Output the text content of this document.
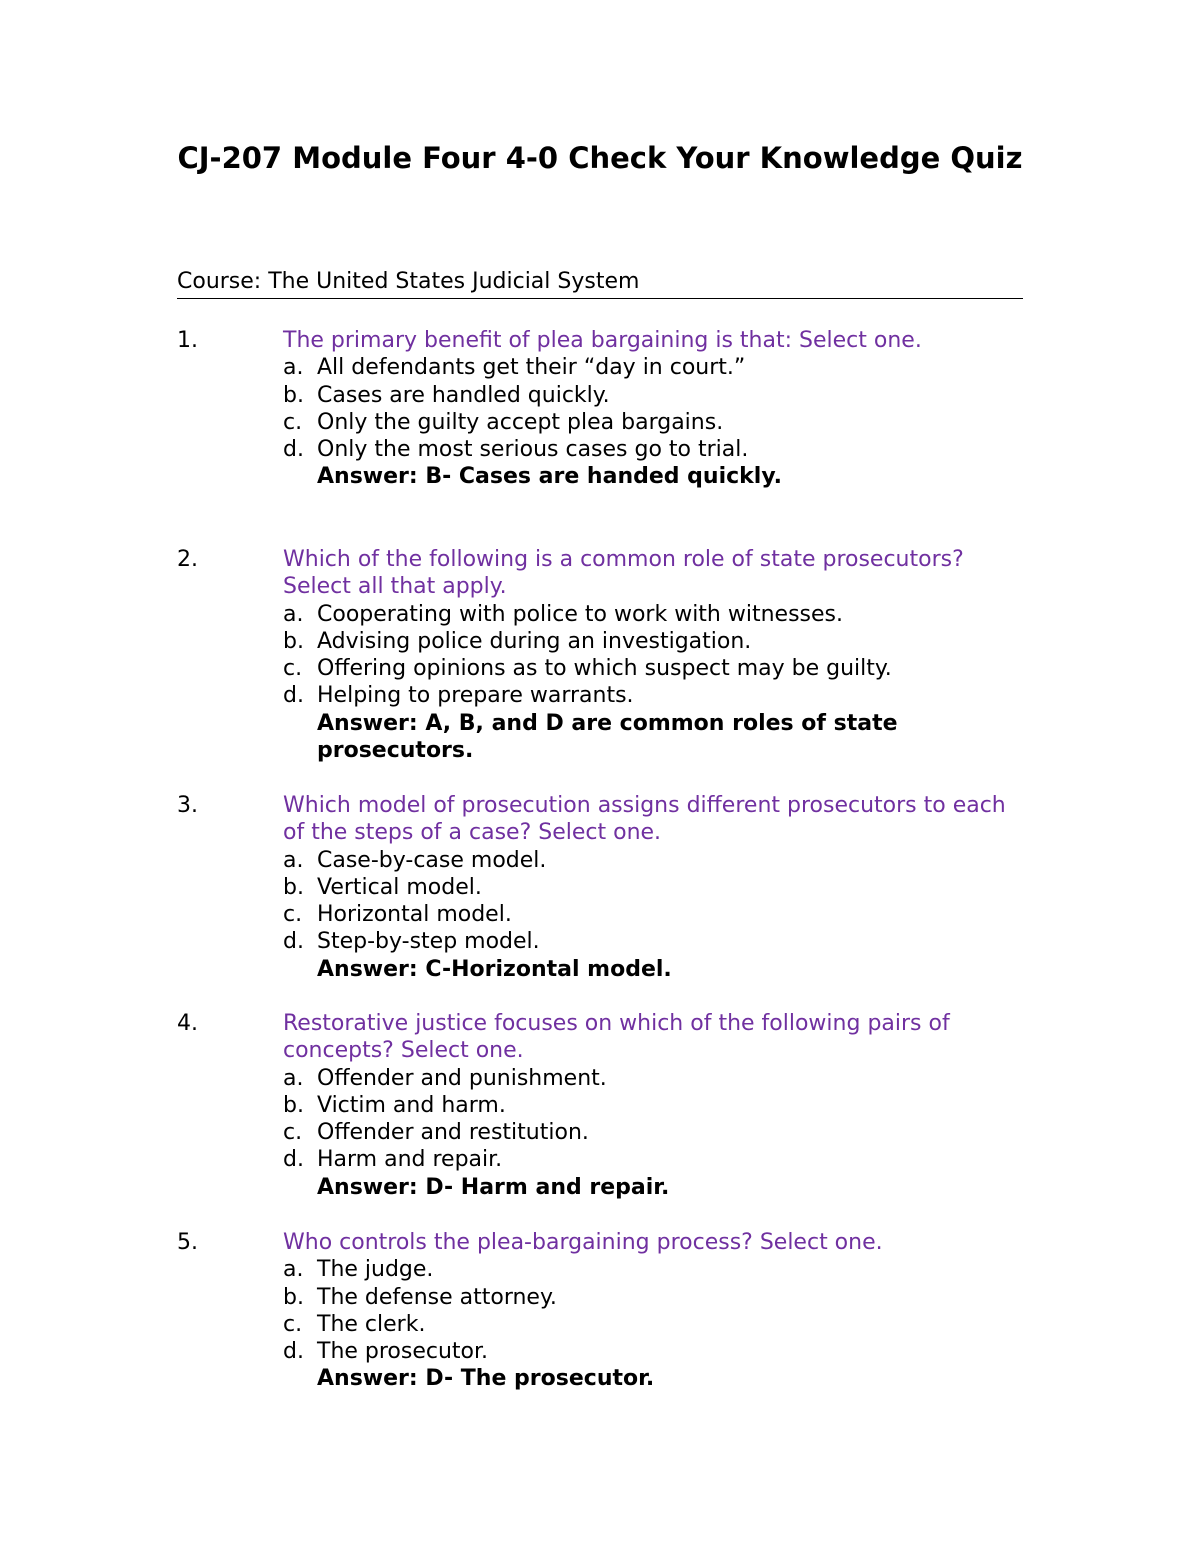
CJ-207 Module Four 4-0 Check Your Knowledge Quiz
Course: The United States Judicial System
1.	The primary benefit of plea bargaining is that: Select one.
a. All defendants get their “day in court.”
b. Cases are handled quickly.
c. Only the guilty accept plea bargains.
d. Only the most serious cases go to trial.
Answer: B- Cases are handed quickly.
2.	Which of the following is a common role of state prosecutors? Select all that apply.
a. Cooperating with police to work with witnesses.
b. Advising police during an investigation.
c. Offering opinions as to which suspect may be guilty.
d. Helping to prepare warrants.
Answer: A, B, and D are common roles of state prosecutors.
3.	Which model of prosecution assigns different prosecutors to each of the steps of a case? Select one.
a. Case-by-case model.
b. Vertical model.
c. Horizontal model.
d. Step-by-step model.
Answer: C-Horizontal model.
4.	Restorative justice focuses on which of the following pairs of concepts? Select one.
a. Offender and punishment.
b. Victim and harm.
c. Offender and restitution.
d. Harm and repair.
Answer: D- Harm and repair.
5.	Who controls the plea-bargaining process? Select one.
a. The judge.
b. The defense attorney.
c. The clerk.
d. The prosecutor.
Answer: D- The prosecutor.
